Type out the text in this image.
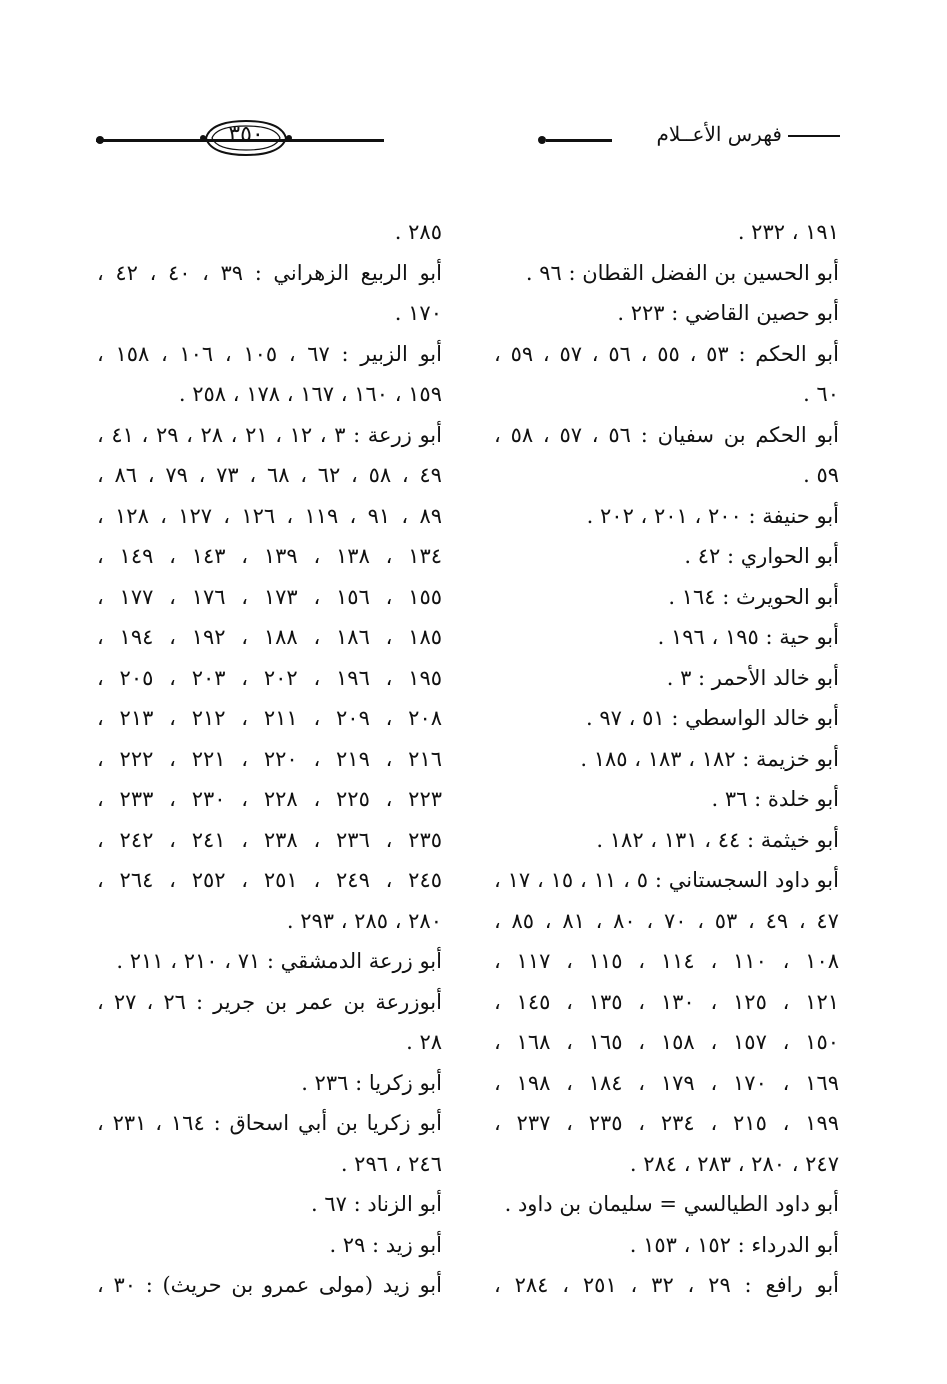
فهرس الأعــلام
٣٥٠
١٩١ ، ٢٣٢ .
أبو الحسين بن الفضل القطان : ٩٦ .
أبو حصين القاضي : ٢٢٣ .
أبو الحكم : ٥٣ ، ٥٥ ، ٥٦ ، ٥٧ ، ٥٩ ،
٦٠ .
أبو الحكم بن سفيان : ٥٦ ، ٥٧ ، ٥٨ ،
٥٩ .
أبو حنيفة : ٢٠٠ ، ٢٠١ ، ٢٠٢ .
أبو الحواري : ٤٢ .
أبو الحويرث : ١٦٤ .
أبو حية : ١٩٥ ، ١٩٦ .
أبو خالد الأحمر : ٣ .
أبو خالد الواسطي : ٥١ ، ٩٧ .
أبو خزيمة : ١٨٢ ، ١٨٣ ، ١٨٥ .
أبو خلدة : ٣٦ .
أبو خيثمة : ٤٤ ، ١٣١ ، ١٨٢ .
أبو داود السجستاني : ٥ ، ١١ ، ١٥ ، ١٧ ،
٤٧ ، ٤٩ ، ٥٣ ، ٧٠ ، ٨٠ ، ٨١ ، ٨٥ ،
١٠٨ ، ١١٠ ، ١١٤ ، ١١٥ ، ١١٧ ،
١٢١ ، ١٢٥ ، ١٣٠ ، ١٣٥ ، ١٤٥ ،
١٥٠ ، ١٥٧ ، ١٥٨ ، ١٦٥ ، ١٦٨ ،
١٦٩ ، ١٧٠ ، ١٧٩ ، ١٨٤ ، ١٩٨ ،
١٩٩ ، ٢١٥ ، ٢٣٤ ، ٢٣٥ ، ٢٣٧ ،
٢٤٧ ، ٢٨٠ ، ٢٨٣ ، ٢٨٤ .
أبو داود الطيالسي = سليمان بن داود .
أبو الدرداء : ١٥٢ ، ١٥٣ .
أبو رافع : ٢٩ ، ٣٢ ، ٢٥١ ، ٢٨٤ ،
٢٨٥ .
أبو الربيع الزهراني : ٣٩ ، ٤٠ ، ٤٢ ،
١٧٠ .
أبو الزبير : ٦٧ ، ١٠٥ ، ١٠٦ ، ١٥٨ ،
١٥٩ ، ١٦٠ ، ١٦٧ ، ١٧٨ ، ٢٥٨ .
أبو زرعة : ٣ ، ١٢ ، ٢١ ، ٢٨ ، ٢٩ ، ٤١ ،
٤٩ ، ٥٨ ، ٦٢ ، ٦٨ ، ٧٣ ، ٧٩ ، ٨٦ ،
٨٩ ، ٩١ ، ١١٩ ، ١٢٦ ، ١٢٧ ، ١٢٨ ،
١٣٤ ، ١٣٨ ، ١٣٩ ، ١٤٣ ، ١٤٩ ،
١٥٥ ، ١٥٦ ، ١٧٣ ، ١٧٦ ، ١٧٧ ،
١٨٥ ، ١٨٦ ، ١٨٨ ، ١٩٢ ، ١٩٤ ،
١٩٥ ، ١٩٦ ، ٢٠٢ ، ٢٠٣ ، ٢٠٥ ،
٢٠٨ ، ٢٠٩ ، ٢١١ ، ٢١٢ ، ٢١٣ ،
٢١٦ ، ٢١٩ ، ٢٢٠ ، ٢٢١ ، ٢٢٢ ،
٢٢٣ ، ٢٢٥ ، ٢٢٨ ، ٢٣٠ ، ٢٣٣ ،
٢٣٥ ، ٢٣٦ ، ٢٣٨ ، ٢٤١ ، ٢٤٢ ،
٢٤٥ ، ٢٤٩ ، ٢٥١ ، ٢٥٢ ، ٢٦٤ ،
٢٨٠ ، ٢٨٥ ، ٢٩٣ .
أبو زرعة الدمشقي : ٧١ ، ٢١٠ ، ٢١١ .
أبوزرعة بن عمر بن جرير : ٢٦ ، ٢٧ ،
٢٨ .
أبو زكريا : ٢٣٦ .
أبو زكريا بن أبي اسحاق : ١٦٤ ، ٢٣١ ،
٢٤٦ ، ٢٩٦ .
أبو الزناد : ٦٧ .
أبو زيد : ٢٩ .
أبو زيد (مولى عمرو بن حريث) : ٣٠ ،
